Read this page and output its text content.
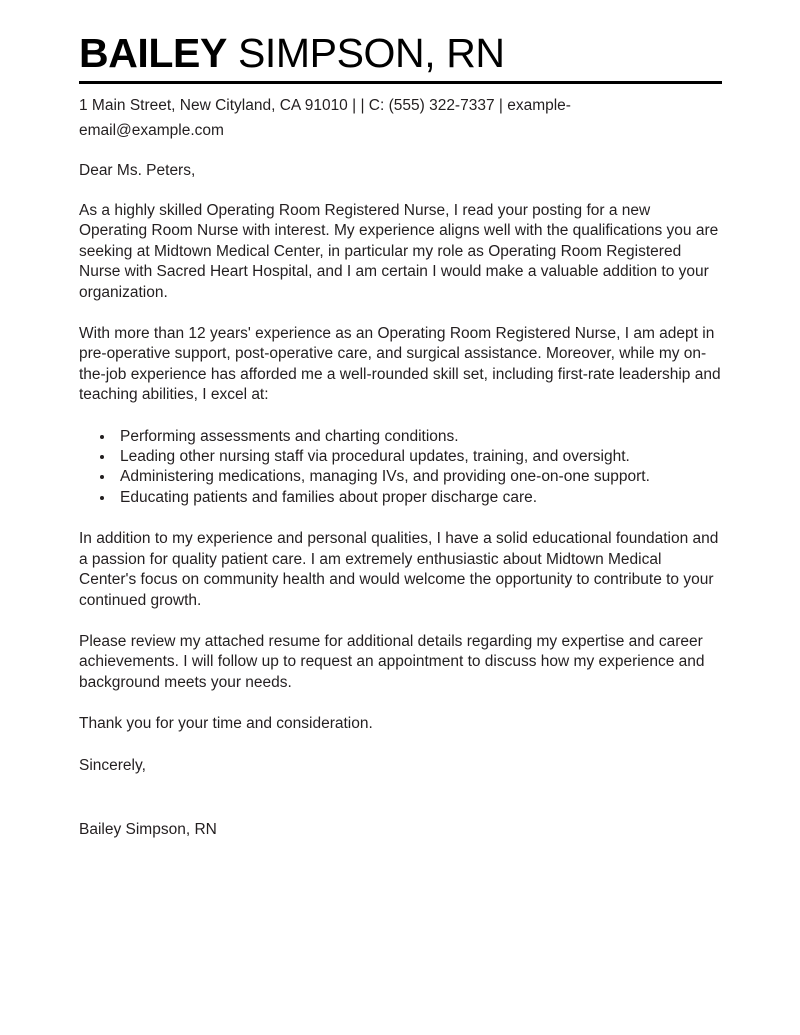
BAILEY SIMPSON, RN
1 Main Street, New Cityland, CA 91010 | | C: (555) 322-7337 | example-email@example.com

Dear Ms. Peters,

As a highly skilled Operating Room Registered Nurse, I read your posting for a new Operating Room Nurse with interest. My experience aligns well with the qualifications you are seeking at Midtown Medical Center, in particular my role as Operating Room Registered Nurse with Sacred Heart Hospital, and I am certain I would make a valuable addition to your organization.

With more than 12 years' experience as an Operating Room Registered Nurse, I am adept in pre-operative support, post-operative care, and surgical assistance. Moreover, while my on-the-job experience has afforded me a well-rounded skill set, including first-rate leadership and teaching abilities, I excel at:

Performing assessments and charting conditions.
Leading other nursing staff via procedural updates, training, and oversight.
Administering medications, managing IVs, and providing one-on-one support.
Educating patients and families about proper discharge care.

In addition to my experience and personal qualities, I have a solid educational foundation and a passion for quality patient care. I am extremely enthusiastic about Midtown Medical Center's focus on community health and would welcome the opportunity to contribute to your continued growth.

Please review my attached resume for additional details regarding my expertise and career achievements. I will follow up to request an appointment to discuss how my experience and background meets your needs.

Thank you for your time and consideration.

Sincerely,

Bailey Simpson, RN
